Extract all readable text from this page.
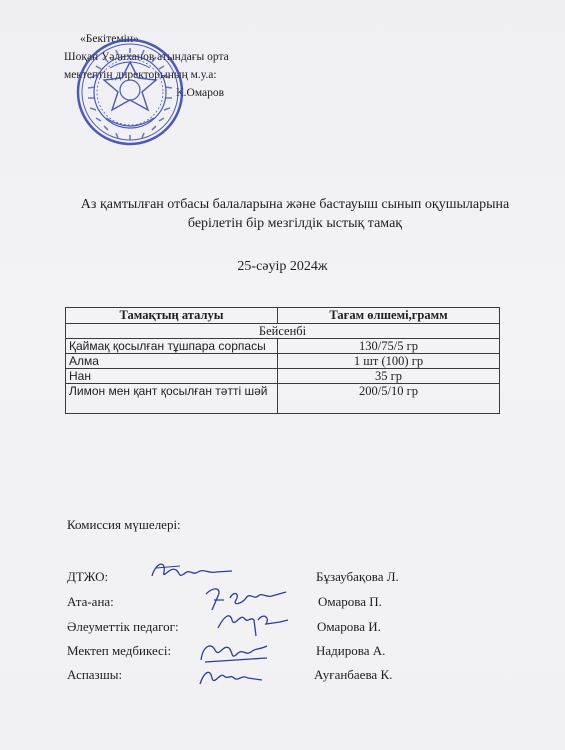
«Бекітемін»
Шоқан Уәлиханов атындағы орта
мектептің директорының м.у.а:
К.Омаров
Аз қамтылған отбасы балаларына және бастауыш сынып оқушыларына берілетін бір мезгілдік ыстық тамақ
25-сәуір 2024ж
Тамақтың аталуы	Тағам өлшемі,грамм
Бейсенбі	
Қаймақ қосылған тұшпара сорпасы	130/75/5 гр
Алма	1 шт (100) гр
Нан	35 гр
Лимон мен қант қосылған тәтті шәй	200/5/10 гр
Комиссия мүшелері:
ДТЖО:	Бұзаубақова Л.
Ата-ана:	Омарова П.
Әлеуметтік педагог:	Омарова И.
Мектеп медбикесі:	Надирова А.
Аспазшы:	Ауғанбаева К.
